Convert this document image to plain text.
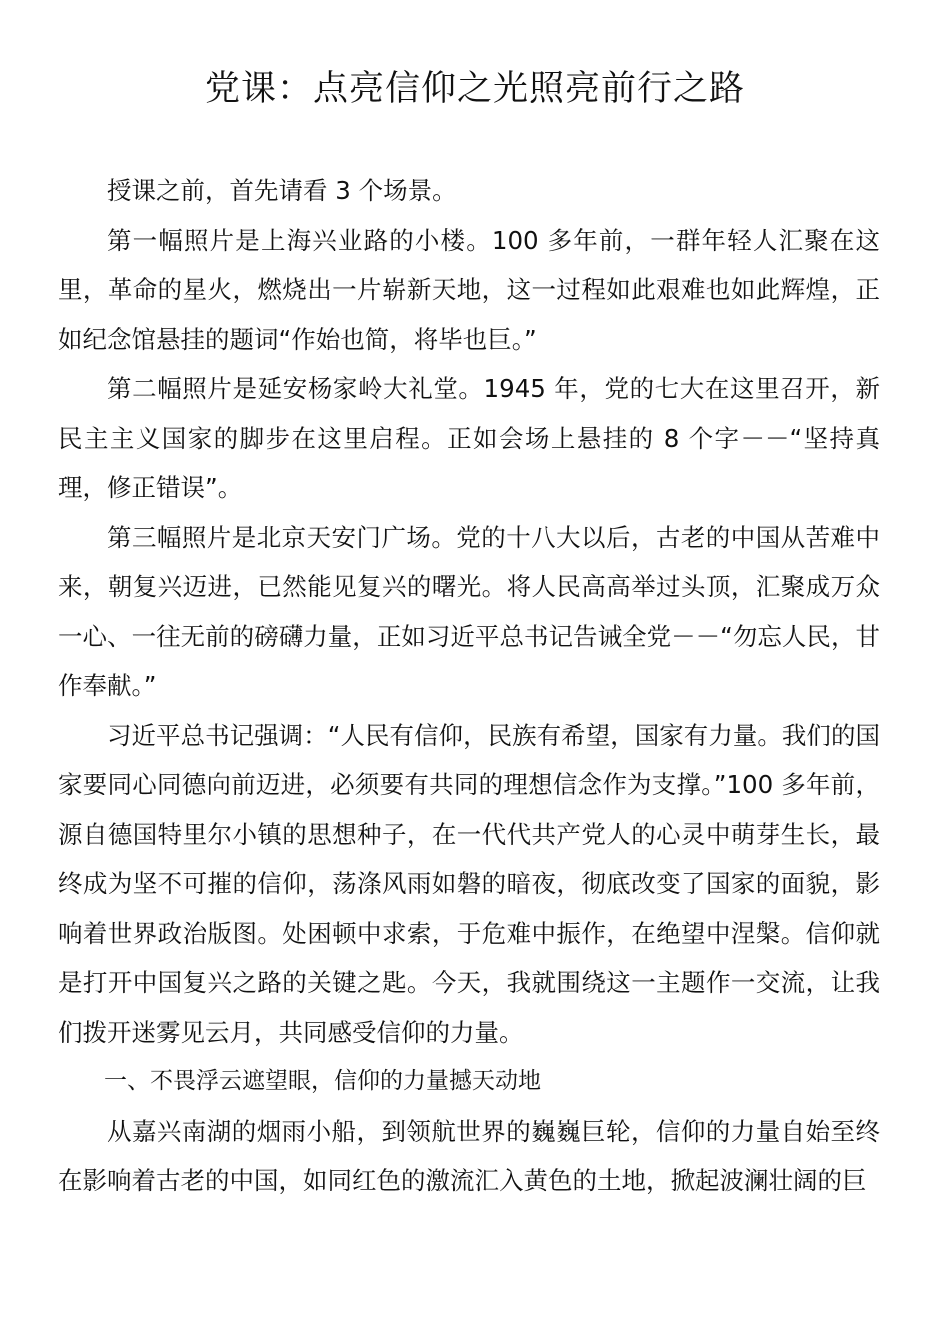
党课：点亮信仰之光照亮前行之路

授课之前，首先请看 3 个场景。

第一幅照片是上海兴业路的小楼。100 多年前，一群年轻人汇聚在这里，革命的星火，燃烧出一片崭新天地，这一过程如此艰难也如此辉煌，正如纪念馆悬挂的题词“作始也简，将毕也巨。”

第二幅照片是延安杨家岭大礼堂。1945 年，党的七大在这里召开，新民主主义国家的脚步在这里启程。正如会场上悬挂的 8 个字－－“坚持真理，修正错误”。

第三幅照片是北京天安门广场。党的十八大以后，古老的中国从苦难中来，朝复兴迈进，已然能见复兴的曙光。将人民高高举过头顶，汇聚成万众一心、一往无前的磅礴力量，正如习近平总书记告诫全党－－“勿忘人民，甘作奉献。”

习近平总书记强调：“人民有信仰，民族有希望，国家有力量。我们的国家要同心同德向前迈进，必须要有共同的理想信念作为支撑。”100 多年前，源自德国特里尔小镇的思想种子，在一代代共产党人的心灵中萌芽生长，最终成为坚不可摧的信仰，荡涤风雨如磐的暗夜，彻底改变了国家的面貌，影响着世界政治版图。处困顿中求索，于危难中振作，在绝望中涅槃。信仰就是打开中国复兴之路的关键之匙。今天，我就围绕这一主题作一交流，让我们拨开迷雾见云月，共同感受信仰的力量。

一、不畏浮云遮望眼，信仰的力量撼天动地

从嘉兴南湖的烟雨小船，到领航世界的巍巍巨轮，信仰的力量自始至终在影响着古老的中国，如同红色的激流汇入黄色的土地，掀起波澜壮阔的巨
